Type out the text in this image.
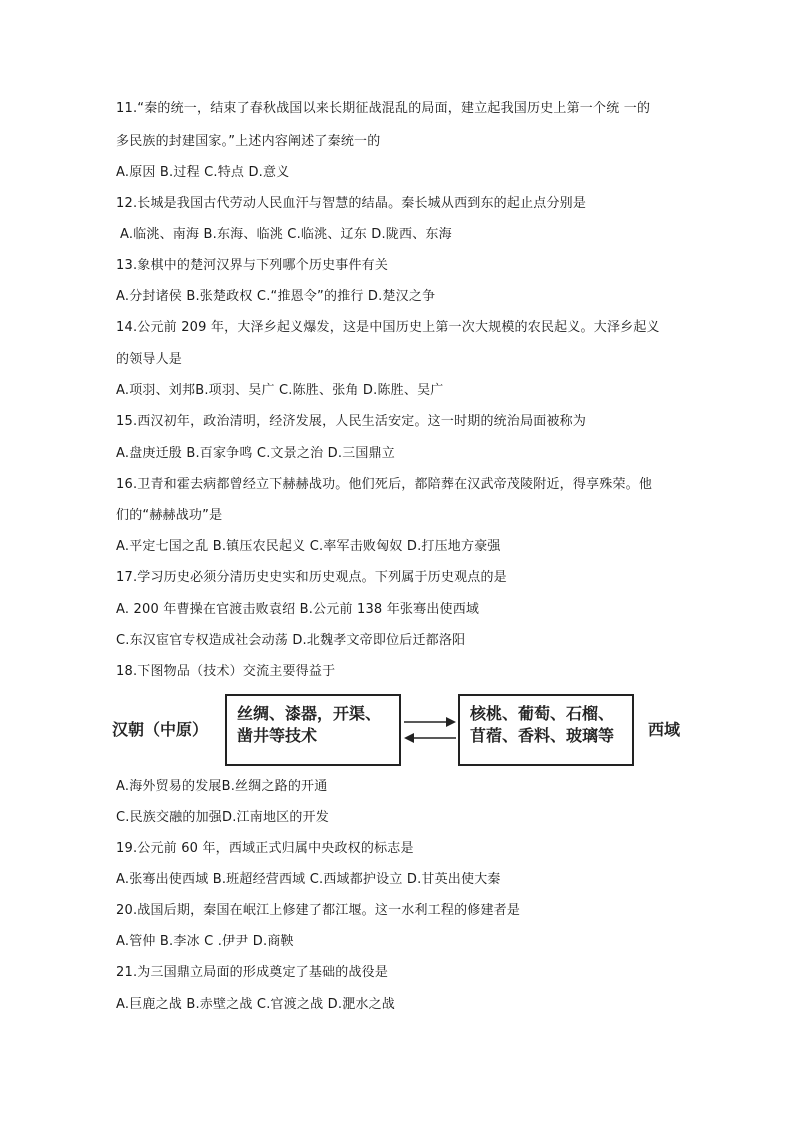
11.“秦的统一，结束了春秋战国以来长期征战混乱的局面，建立起我国历史上第一个统 一的
多民族的封建国家。”上述内容阐述了秦统一的
A.原因 B.过程 C.特点 D.意义
12.长城是我国古代劳动人民血汗与智慧的结晶。秦长城从西到东的起止点分别是
A.临洮、南海 B.东海、临洮 C.临洮、辽东 D.陇西、东海
13.象棋中的楚河汉界与下列哪个历史事件有关
A.分封诸侯 B.张楚政权 C.“推恩令”的推行 D.楚汉之争
14.公元前 209 年，大泽乡起义爆发，这是中国历史上第一次大规模的农民起义。大泽乡起义
的领导人是
A.项羽、刘邦B.项羽、吴广 C.陈胜、张角 D.陈胜、吴广
15.西汉初年，政治清明，经济发展，人民生活安定。这一时期的统治局面被称为
A.盘庚迁殷 B.百家争鸣 C.文景之治 D.三国鼎立
16.卫青和霍去病都曾经立下赫赫战功。他们死后，都陪葬在汉武帝茂陵附近，得享殊荣。他
们的“赫赫战功”是
A.平定七国之乱 B.镇压农民起义 C.率军击败匈奴 D.打压地方豪强
17.学习历史必须分清历史史实和历史观点。下列属于历史观点的是
A. 200 年曹操在官渡击败袁绍 B.公元前 138 年张骞出使西域
C.东汉宦官专权造成社会动荡 D.北魏孝文帝即位后迁都洛阳
18.下图物品（技术）交流主要得益于
汉朝（中原）
丝绸、漆器，开渠、
凿井等技术
核桃、葡萄、石榴、
苜蓿、香料、玻璃等	西域
A.海外贸易的发展B.丝绸之路的开通
C.民族交融的加强D.江南地区的开发
19.公元前 60 年，西域正式归属中央政权的标志是
A.张骞出使西域 B.班超经营西域 C.西域都护设立 D.甘英出使大秦
20.战国后期，秦国在岷江上修建了都江堰。这一水利工程的修建者是
A.管仲 B.李冰 C .伊尹 D.商鞅
21.为三国鼎立局面的形成奠定了基础的战役是
A.巨鹿之战 B.赤壁之战 C.官渡之战 D.淝水之战
